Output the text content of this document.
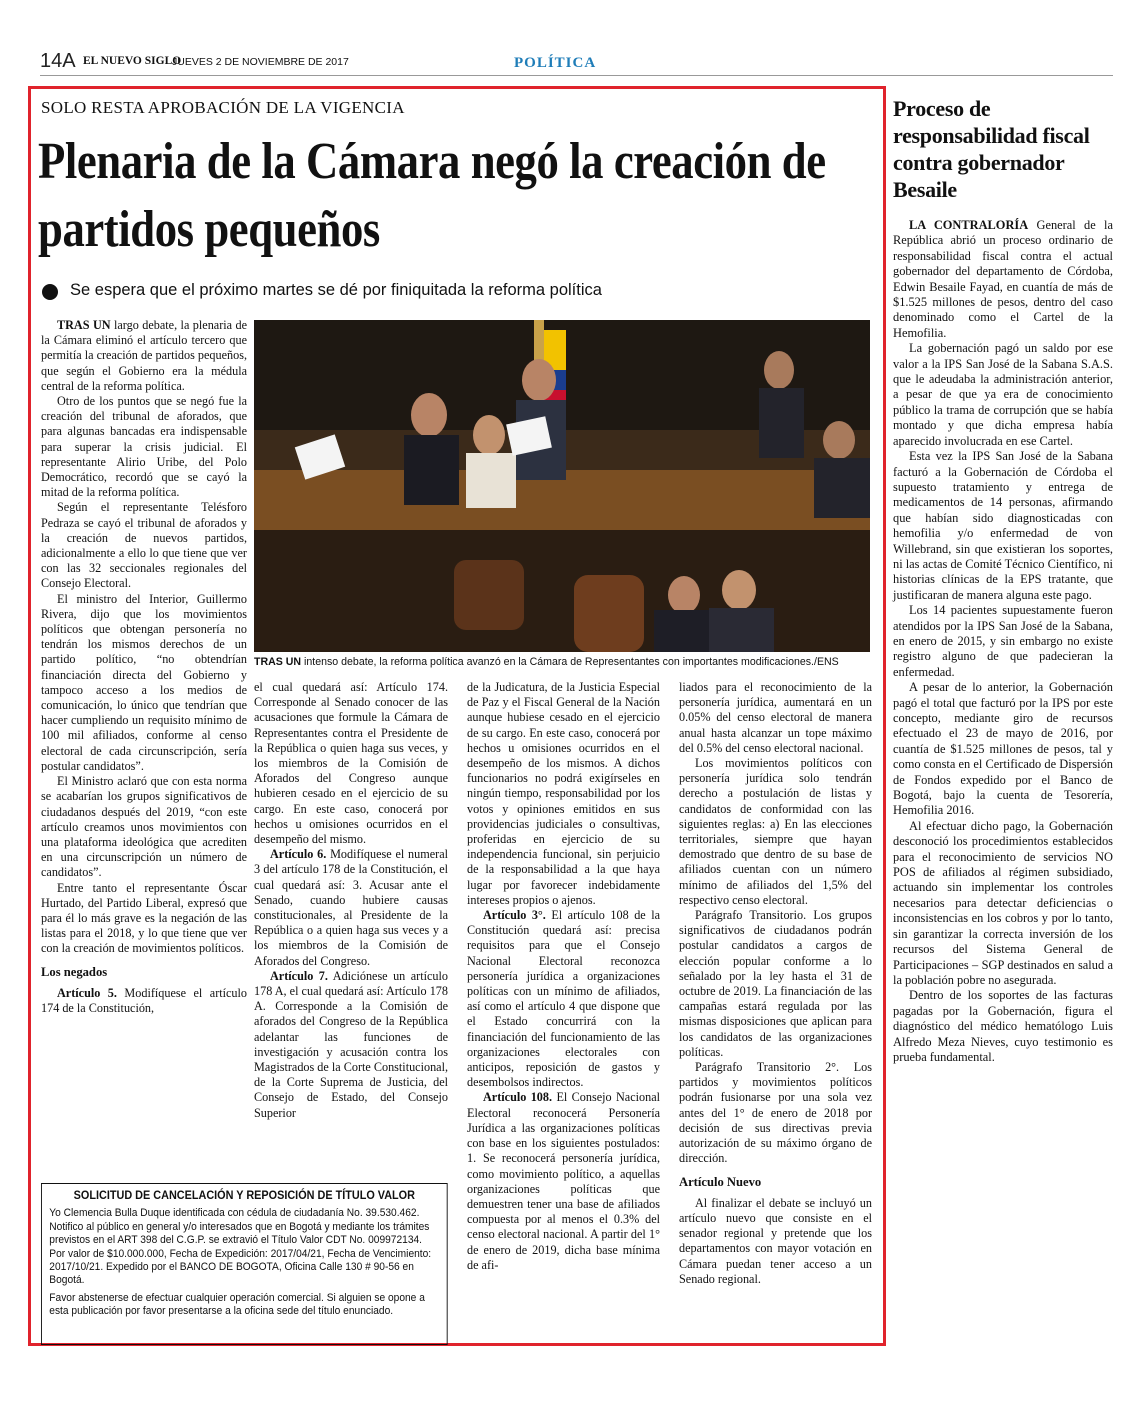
14A EL NUEVO SIGLO
JUEVES 2 DE NOVIEMBRE DE 2017	POLÍTICA
SOLO RESTA APROBACIÓN DE LA VIGENCIA
Plenaria de la Cámara negó la creación de partidos pequeños
Se espera que el próximo martes se dé por finiquitada la reforma política
TRAS UN intenso debate, la reforma política avanzó en la Cámara de Representantes con importantes modificaciones./ENS

TRAS UN largo debate, la plenaria de la Cámara eliminó el artículo tercero que permitía la creación de partidos pequeños, que según el Gobierno era la médula central de la reforma política.

Otro de los puntos que se negó fue la creación del tribunal de aforados, que para algunas bancadas era indispensable para superar la crisis judicial. El representante Alirio Uribe, del Polo Democrático, recordó que se cayó la mitad de la reforma política.

Según el representante Telésforo Pedraza se cayó el tribunal de aforados y la creación de nuevos partidos, adicionalmente a ello lo que tiene que ver con las 32 seccionales regionales del Consejo Electoral.

El ministro del Interior, Guillermo Rivera, dijo que los movimientos políticos que obtengan personería no tendrán los mismos derechos de un partido político, “no obtendrían financiación directa del Gobierno y tampoco acceso a los medios de comunicación, lo único que tendrían que hacer cumpliendo un requisito mínimo de 100 mil afiliados, conforme al censo electoral de cada circunscripción, sería postular candidatos”.

El Ministro aclaró que con esta norma se acabarían los grupos significativos de ciudadanos después del 2019, “con este artículo creamos unos movimientos con una plataforma ideológica que acrediten en una circunscripción un número de candidatos”.

Entre tanto el representante Óscar Hurtado, del Partido Liberal, expresó que para él lo más grave es la negación de las listas para el 2018, y lo que tiene que ver con la creación de movimientos políticos.

Los negados

Artículo 5. Modifíquese el artículo 174 de la Constitución,

el cual quedará así: Artículo 174. Corresponde al Senado conocer de las acusaciones que formule la Cámara de Representantes contra el Presidente de la República o quien haga sus veces, y los miembros de la Comisión de Aforados del Congreso aunque hubieren cesado en el ejercicio de su cargo. En este caso, conocerá por hechos u omisiones ocurridos en el desempeño del mismo.

Artículo 6. Modifíquese el numeral 3 del artículo 178 de la Constitución, el cual quedará así: 3. Acusar ante el Senado, cuando hubiere causas constitucionales, al Presidente de la República o a quien haga sus veces y a los miembros de la Comisión de Aforados del Congreso.

Artículo 7. Adiciónese un artículo 178 A, el cual quedará así: Artículo 178 A. Corresponde a la Comisión de aforados del Congreso de la República adelantar las funciones de investigación y acusación contra los Magistrados de la Corte Constitucional, de la Corte Suprema de Justicia, del Consejo de Estado, del Consejo Superior

de la Judicatura, de la Justicia Especial de Paz y el Fiscal General de la Nación aunque hubiese cesado en el ejercicio de su cargo. En este caso, conocerá por hechos u omisiones ocurridos en el desempeño de los mismos. A dichos funcionarios no podrá exigírseles en ningún tiempo, responsabilidad por los votos y opiniones emitidos en sus providencias judiciales o consultivas, proferidas en ejercicio de su independencia funcional, sin perjuicio de la responsabilidad a la que haya lugar por favorecer indebidamente intereses propios o ajenos.

Artículo 3°. El artículo 108 de la Constitución quedará así: precisa requisitos para que el Consejo Nacional Electoral reconozca personería jurídica a organizaciones políticas con un mínimo de afiliados, así como el artículo 4 que dispone que el Estado concurrirá con la financiación del funcionamiento de las organizaciones electorales con anticipos, reposición de gastos y desembolsos indirectos.

Artículo 108. El Consejo Nacional Electoral reconocerá Personería Jurídica a las organizaciones políticas con base en los siguientes postulados: 1. Se reconocerá personería jurídica, como movimiento político, a aquellas organizaciones políticas que demuestren tener una base de afiliados compuesta por al menos el 0.3% del censo electoral nacional. A partir del 1° de enero de 2019, dicha base mínima de afi-

liados para el reconocimiento de la personería jurídica, aumentará en un 0.05% del censo electoral de manera anual hasta alcanzar un tope máximo del 0.5% del censo electoral nacional.

Los movimientos políticos con personería jurídica solo tendrán derecho a postulación de listas y candidatos de conformidad con las siguientes reglas: a) En las elecciones territoriales, siempre que hayan demostrado que dentro de su base de afiliados cuentan con un número mínimo de afiliados del 1,5% del respectivo censo electoral.

Parágrafo Transitorio. Los grupos significativos de ciudadanos podrán postular candidatos a cargos de elección popular conforme a lo señalado por la ley hasta el 31 de octubre de 2019. La financiación de las campañas estará regulada por las mismas disposiciones que aplican para los candidatos de las organizaciones políticas.

Parágrafo Transitorio 2°. Los partidos y movimientos políticos podrán fusionarse por una sola vez antes del 1° de enero de 2018 por decisión de sus directivas previa autorización de su máximo órgano de dirección.

Artículo Nuevo

Al finalizar el debate se incluyó un artículo nuevo que consiste en el senador regional y pretende que los departamentos con mayor votación en Cámara puedan tener acceso a un Senado regional.

SOLICITUD DE CANCELACIÓN Y REPOSICIÓN DE TÍTULO VALOR

Yo Clemencia Bulla Duque identificada con cédula de ciudadanía No. 39.530.462. Notifico al público en general y/o interesados que en Bogotá y mediante los trámites previstos en el ART 398 del C.G.P. se extravió el Título Valor CDT No. 009972134. Por valor de $10.000.000, Fecha de Expedición: 2017/04/21, Fecha de Vencimiento: 2017/10/21. Expedido por el BANCO DE BOGOTA, Oficina Calle 130 # 90-56 en Bogotá.

Favor abstenerse de efectuar cualquier operación comercial. Si alguien se opone a esta publicación por favor presentarse a la oficina sede del título enunciado.

Proceso de responsabilidad fiscal contra gobernador Besaile

LA CONTRALORÍA General de la República abrió un proceso ordinario de responsabilidad fiscal contra el actual gobernador del departamento de Córdoba, Edwin Besaile Fayad, en cuantía de más de $1.525 millones de pesos, dentro del caso denominado como el Cartel de la Hemofilia.

La gobernación pagó un saldo por ese valor a la IPS San José de la Sabana S.A.S. que le adeudaba la administración anterior, a pesar de que ya era de conocimiento público la trama de corrupción que se había montado y que dicha empresa había aparecido involucrada en ese Cartel.

Esta vez la IPS San José de la Sabana facturó a la Gobernación de Córdoba el supuesto tratamiento y entrega de medicamentos de 14 personas, afirmando que habían sido diagnosticadas con hemofilia y/o enfermedad de von Willebrand, sin que existieran los soportes, ni las actas de Comité Técnico Científico, ni historias clínicas de la EPS tratante, que justificaran de manera alguna este pago.

Los 14 pacientes supuestamente fueron atendidos por la IPS San José de la Sabana, en enero de 2015, y sin embargo no existe registro alguno de que padecieran la enfermedad.

A pesar de lo anterior, la Gobernación pagó el total que facturó por la IPS por este concepto, mediante giro de recursos efectuado el 23 de mayo de 2016, por cuantía de $1.525 millones de pesos, tal y como consta en el Certificado de Dispersión de Fondos expedido por el Banco de Bogotá, bajo la cuenta de Tesorería, Hemofilia 2016.

Al efectuar dicho pago, la Gobernación desconoció los procedimientos establecidos para el reconocimiento de servicios NO POS de afiliados al régimen subsidiado, actuando sin implementar los controles necesarios para detectar deficiencias o inconsistencias en los cobros y por lo tanto, sin garantizar la correcta inversión de los recursos del Sistema General de Participaciones – SGP destinados en salud a la población pobre no asegurada.

Dentro de los soportes de las facturas pagadas por la Gobernación, figura el diagnóstico del médico hematólogo Luis Alfredo Meza Nieves, cuyo testimonio es prueba fundamental.
